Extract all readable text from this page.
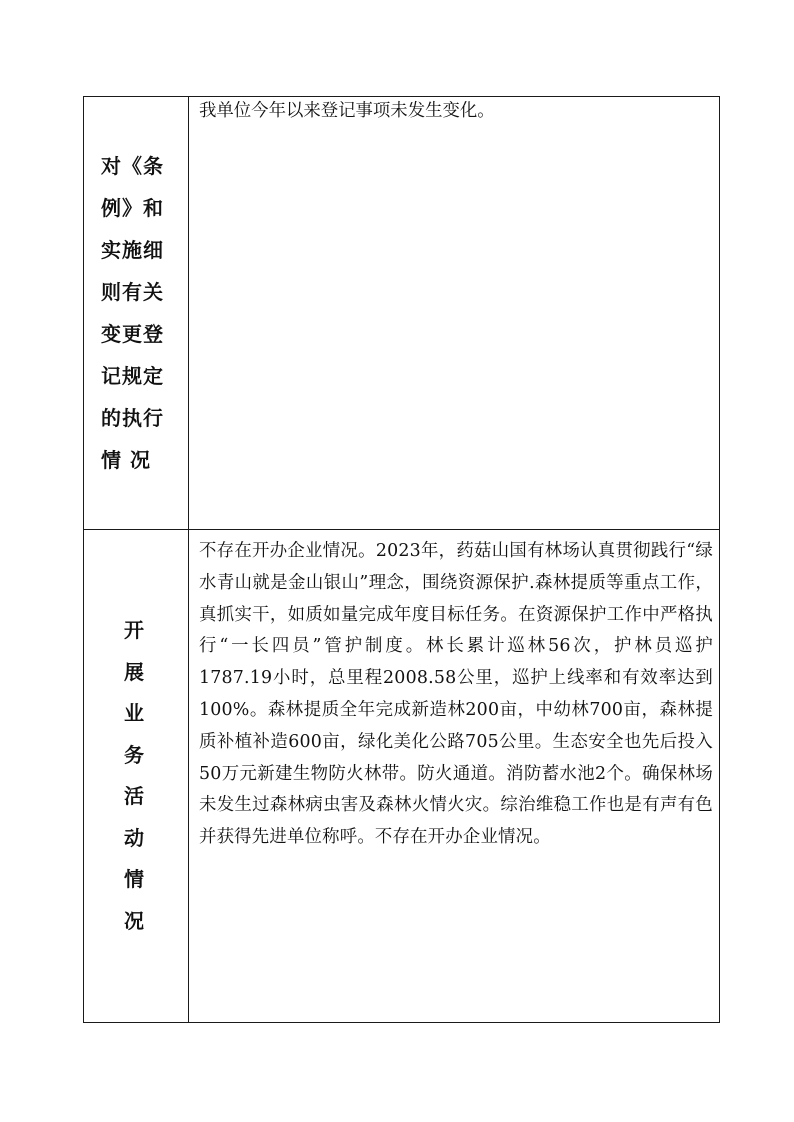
对《条例》和实施细则有关变更登记规定的执行情 况	我单位今年以来登记事项未发生变化。

开展业务活动情况	不存在开办企业情况。2023年，药菇山国有林场认真贯彻践行“绿水青山就是金山银山”理念，围绕资源保护.森林提质等重点工作，真抓实干，如质如量完成年度目标任务。在资源保护工作中严格执行“一长四员”管护制度。林长累计巡林56次，护林员巡护1787.19小时，总里程2008.58公里，巡护上线率和有效率达到100%。森林提质全年完成新造林200亩，中幼林700亩，森林提质补植补造600亩，绿化美化公路705公里。生态安全也先后投入50万元新建生物防火林带。防火通道。消防蓄水池2个。确保林场未发生过森林病虫害及森林火情火灾。综治维稳工作也是有声有色并获得先进单位称呼。不存在开办企业情况。
